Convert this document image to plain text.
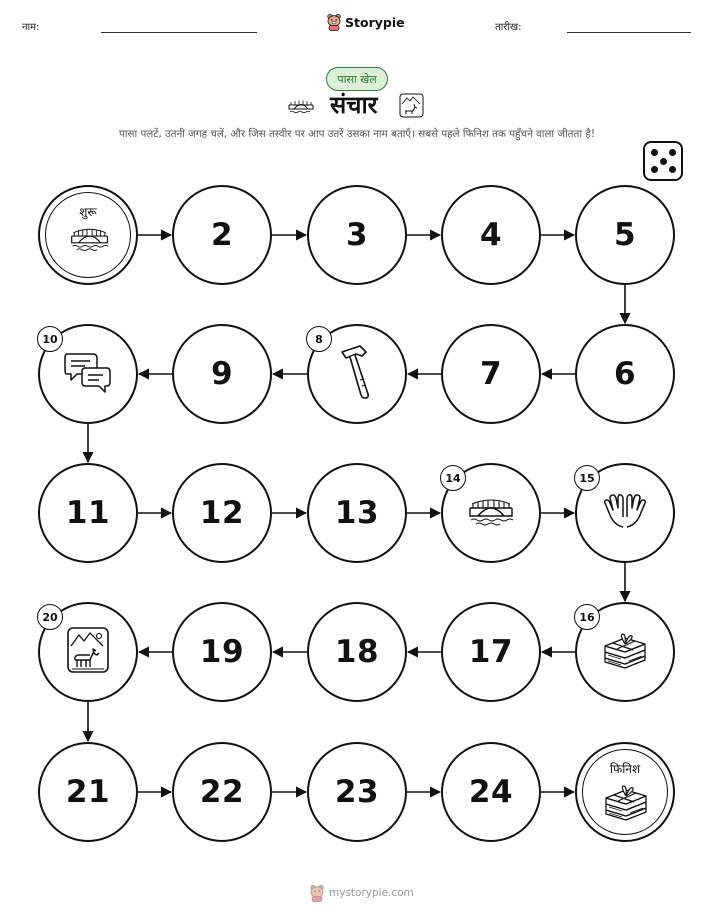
नाम:	Storypie	तारीख:
पासा खेल
संचार
पासा पलटें, उतनी जगह चलें, और जिस तस्वीर पर आप उतरें उसका नाम बताएँ। सबसे पहले फिनिश तक पहुँचने वाला जीतता है!
शुरू
2	3	4	5
6
7
8
9
10
11	12	13
14	15
16
17
18
19
20
21	22	23	24
फिनिश
mystorypie.com
